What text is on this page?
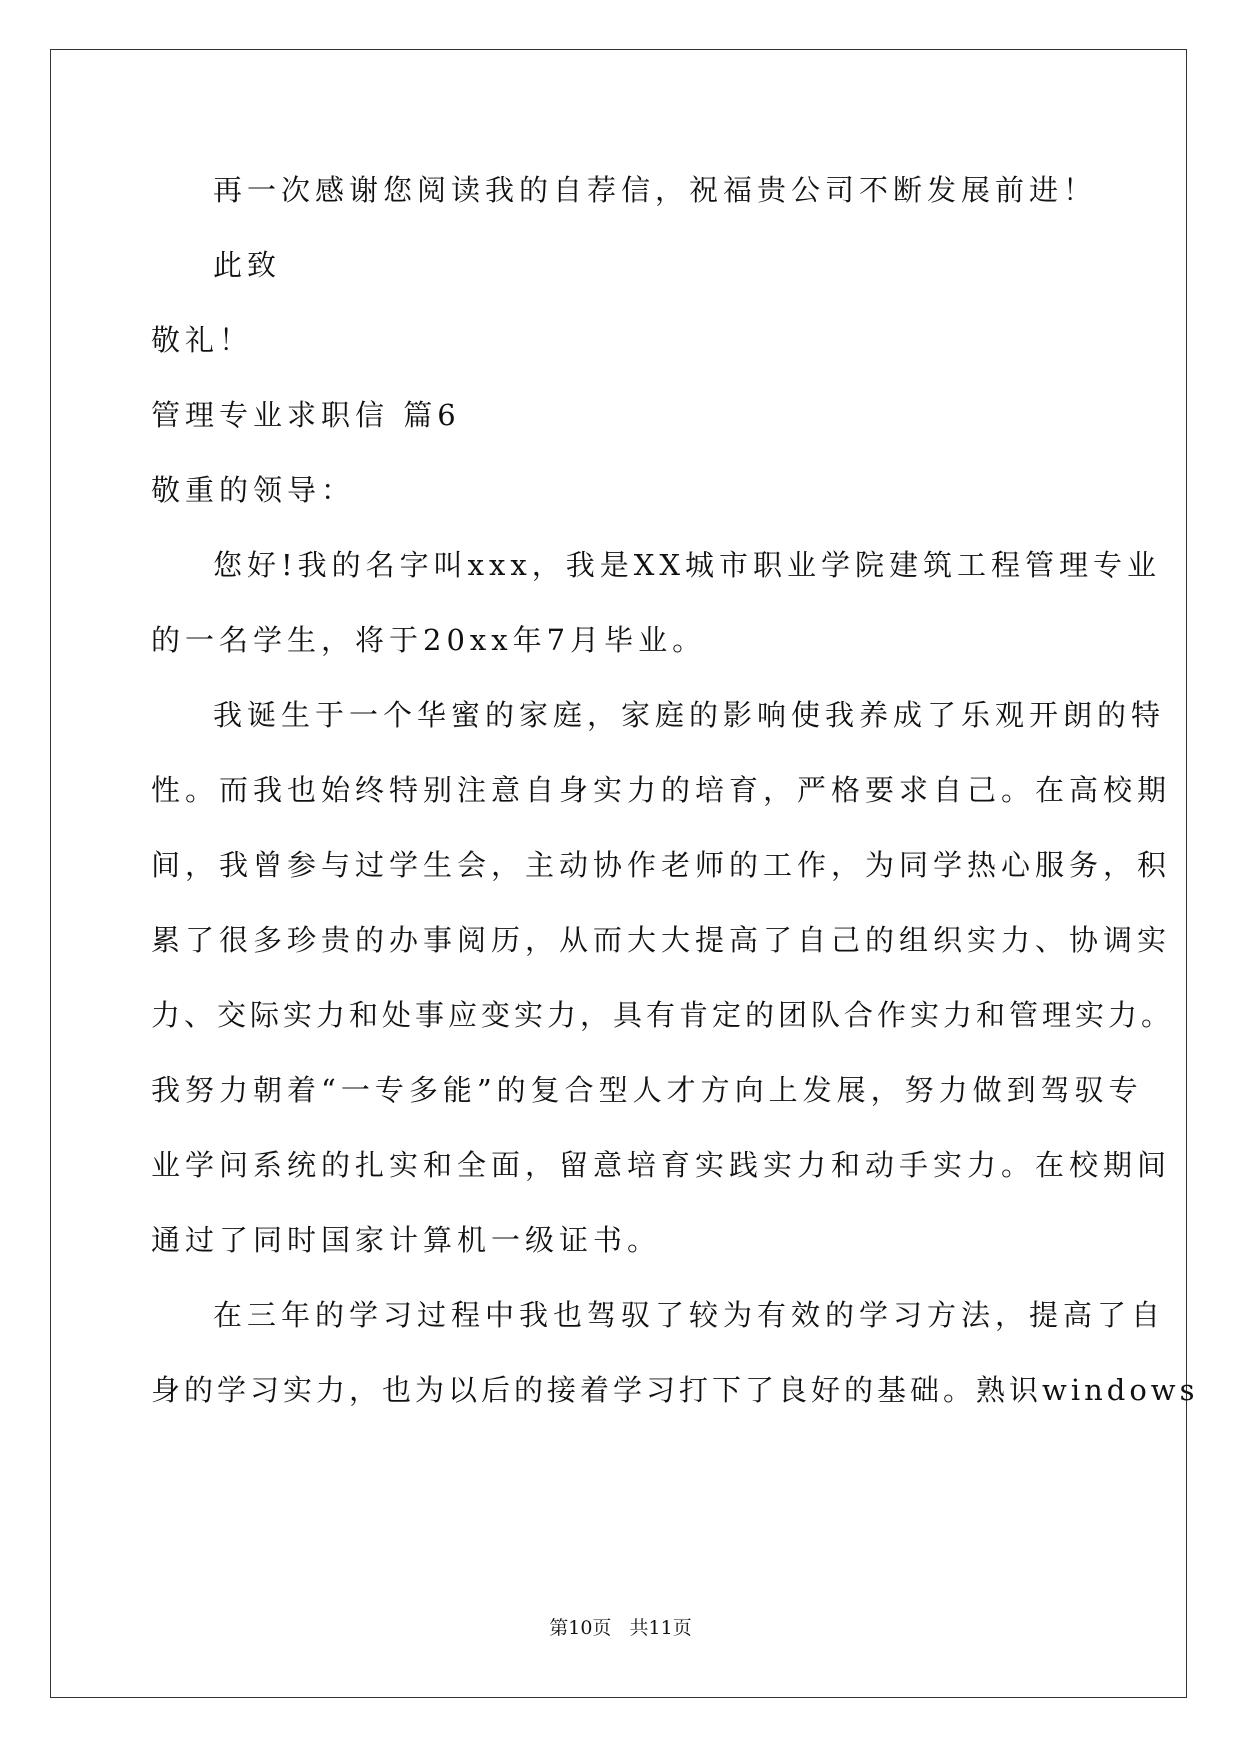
再一次感谢您阅读我的自荐信，祝福贵公司不断发展前进！
此致
敬礼！
管理专业求职信 篇6
敬重的领导：
您好!我的名字叫xxx，我是XX城市职业学院建筑工程管理专业
的一名学生，将于20xx年7月毕业。
我诞生于一个华蜜的家庭，家庭的影响使我养成了乐观开朗的特
性。而我也始终特别注意自身实力的培育，严格要求自己。在高校期
间，我曾参与过学生会，主动协作老师的工作，为同学热心服务，积
累了很多珍贵的办事阅历，从而大大提高了自己的组织实力、协调实
力、交际实力和处事应变实力，具有肯定的团队合作实力和管理实力。
我努力朝着“一专多能”的复合型人才方向上发展，努力做到驾驭专
业学问系统的扎实和全面，留意培育实践实力和动手实力。在校期间
通过了同时国家计算机一级证书。
在三年的学习过程中我也驾驭了较为有效的学习方法，提高了自
身的学习实力，也为以后的接着学习打下了良好的基础。熟识windows
第10页   共11页
